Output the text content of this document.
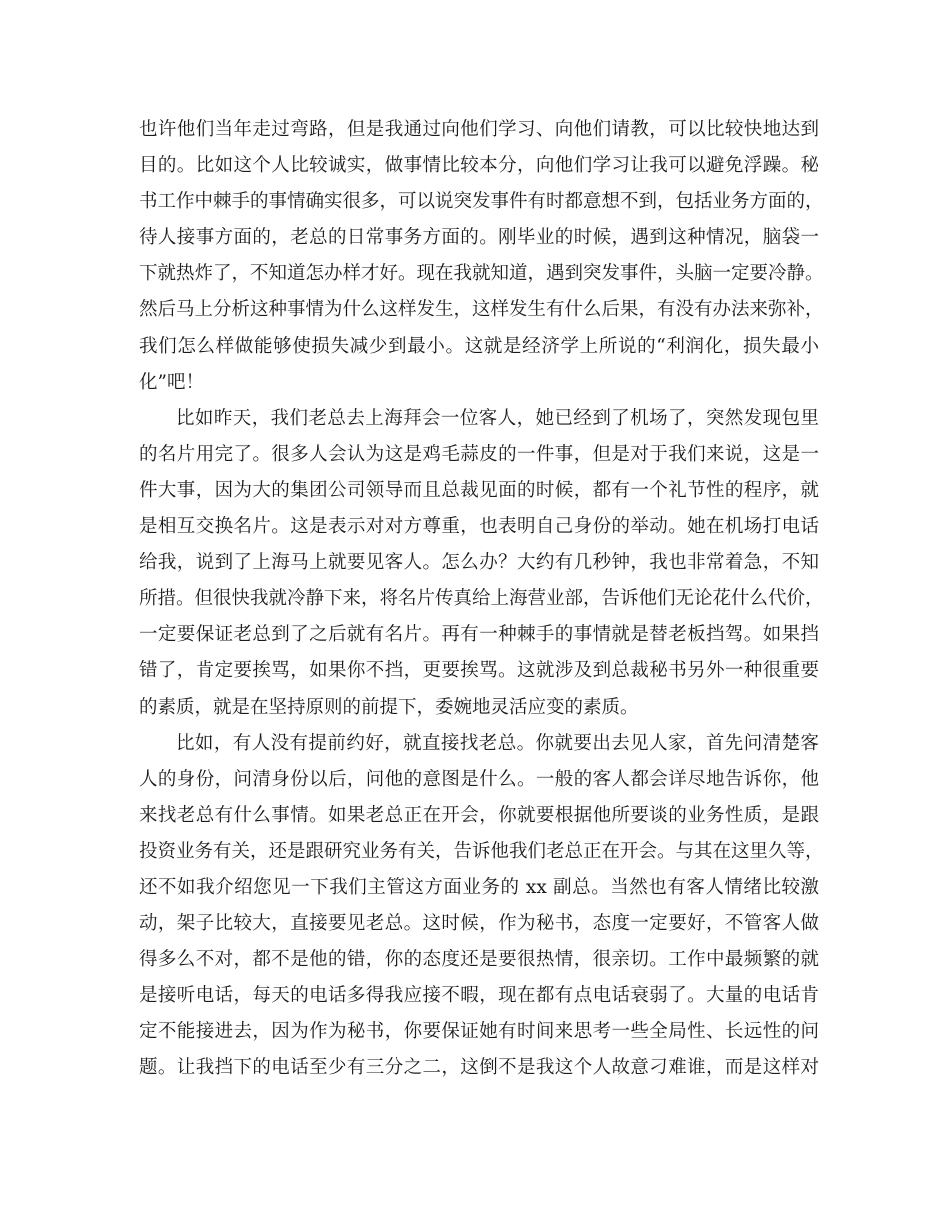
也许他们当年走过弯路，但是我通过向他们学习、向他们请教，可以比较快地达到
目的。比如这个人比较诚实，做事情比较本分，向他们学习让我可以避免浮躁。秘
书工作中棘手的事情确实很多，可以说突发事件有时都意想不到，包括业务方面的，
待人接事方面的，老总的日常事务方面的。刚毕业的时候，遇到这种情况，脑袋一
下就热炸了，不知道怎办样才好。现在我就知道，遇到突发事件，头脑一定要冷静。
然后马上分析这种事情为什么这样发生，这样发生有什么后果，有没有办法来弥补，
我们怎么样做能够使损失减少到最小。这就是经济学上所说的“利润化，损失最小
化”吧！
比如昨天，我们老总去上海拜会一位客人，她已经到了机场了，突然发现包里
的名片用完了。很多人会认为这是鸡毛蒜皮的一件事，但是对于我们来说，这是一
件大事，因为大的集团公司领导而且总裁见面的时候，都有一个礼节性的程序，就
是相互交换名片。这是表示对对方尊重，也表明自己身份的举动。她在机场打电话
给我，说到了上海马上就要见客人。怎么办？大约有几秒钟，我也非常着急，不知
所措。但很快我就冷静下来，将名片传真给上海营业部，告诉他们无论花什么代价，
一定要保证老总到了之后就有名片。再有一种棘手的事情就是替老板挡驾。如果挡
错了，肯定要挨骂，如果你不挡，更要挨骂。这就涉及到总裁秘书另外一种很重要
的素质，就是在坚持原则的前提下，委婉地灵活应变的素质。
比如，有人没有提前约好，就直接找老总。你就要出去见人家，首先问清楚客
人的身份，问清身份以后，问他的意图是什么。一般的客人都会详尽地告诉你，他
来找老总有什么事情。如果老总正在开会，你就要根据他所要谈的业务性质，是跟
投资业务有关，还是跟研究业务有关，告诉他我们老总正在开会。与其在这里久等，
还不如我介绍您见一下我们主管这方面业务的 xx 副总。当然也有客人情绪比较激
动，架子比较大，直接要见老总。这时候，作为秘书，态度一定要好，不管客人做
得多么不对，都不是他的错，你的态度还是要很热情，很亲切。工作中最频繁的就
是接听电话，每天的电话多得我应接不暇，现在都有点电话衰弱了。大量的电话肯
定不能接进去，因为作为秘书，你要保证她有时间来思考一些全局性、长远性的问
题。让我挡下的电话至少有三分之二，这倒不是我这个人故意刁难谁，而是这样对
